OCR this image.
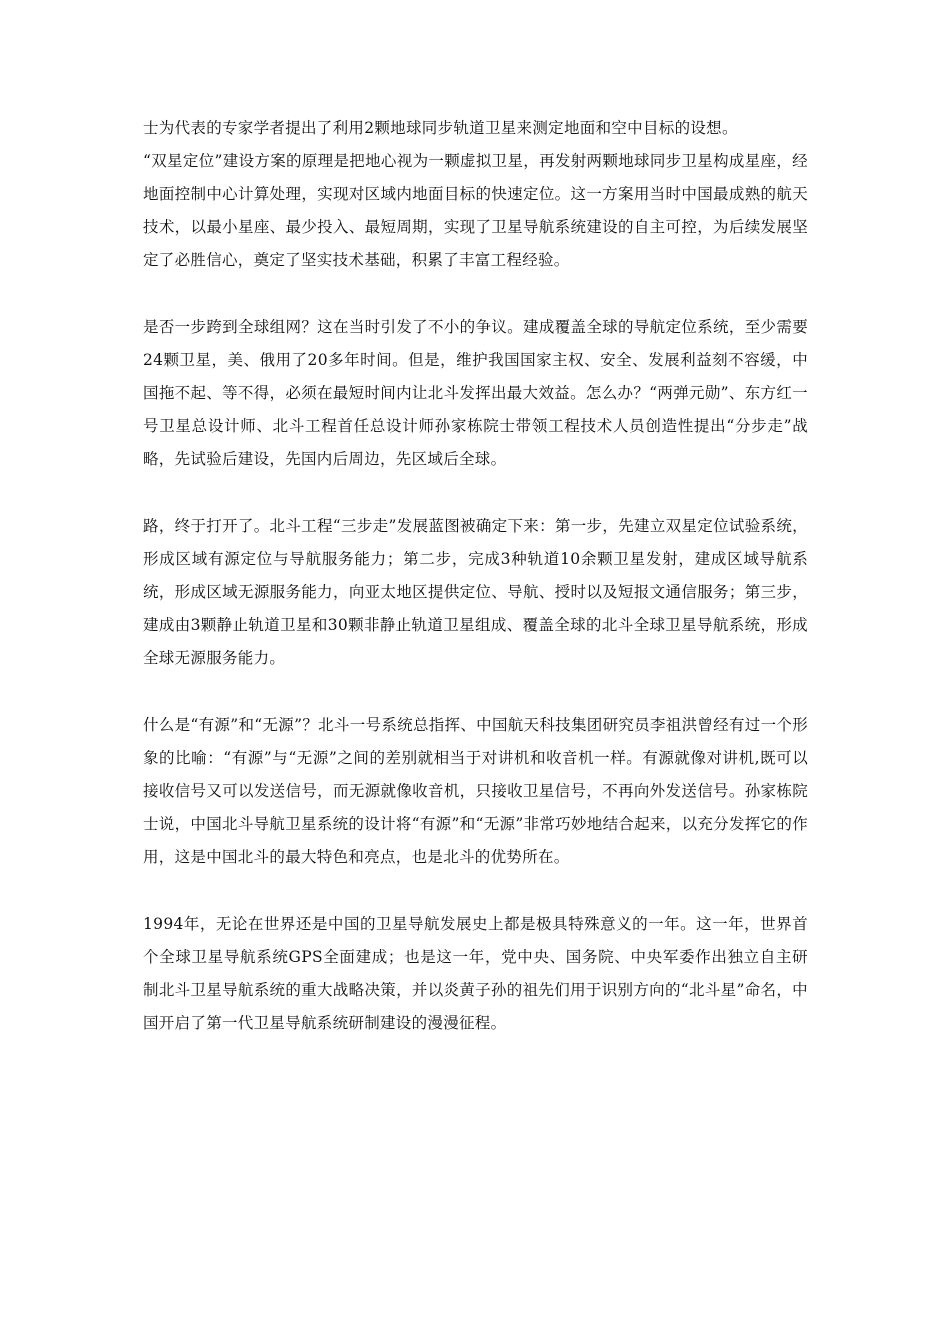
士为代表的专家学者提出了利用2颗地球同步轨道卫星来测定地面和空中目标的设想。

“双星定位”建设方案的原理是把地心视为一颗虚拟卫星，再发射两颗地球同步卫星构成星座，经地面控制中心计算处理，实现对区域内地面目标的快速定位。这一方案用当时中国最成熟的航天技术，以最小星座、最少投入、最短周期，实现了卫星导航系统建设的自主可控，为后续发展坚定了必胜信心，奠定了坚实技术基础，积累了丰富工程经验。

是否一步跨到全球组网？这在当时引发了不小的争议。建成覆盖全球的导航定位系统，至少需要24颗卫星，美、俄用了20多年时间。但是，维护我国国家主权、安全、发展利益刻不容缓，中国拖不起、等不得，必须在最短时间内让北斗发挥出最大效益。怎么办？“两弹元勋”、东方红一号卫星总设计师、北斗工程首任总设计师孙家栋院士带领工程技术人员创造性提出“分步走”战略，先试验后建设，先国内后周边，先区域后全球。

路，终于打开了。北斗工程“三步走”发展蓝图被确定下来：第一步，先建立双星定位试验系统，形成区域有源定位与导航服务能力；第二步，完成3种轨道10余颗卫星发射，建成区域导航系统，形成区域无源服务能力，向亚太地区提供定位、导航、授时以及短报文通信服务；第三步，建成由3颗静止轨道卫星和30颗非静止轨道卫星组成、覆盖全球的北斗全球卫星导航系统，形成全球无源服务能力。

什么是“有源”和“无源”？北斗一号系统总指挥、中国航天科技集团研究员李祖洪曾经有过一个形象的比喻：“有源”与“无源”之间的差别就相当于对讲机和收音机一样。有源就像对讲机,既可以接收信号又可以发送信号，而无源就像收音机，只接收卫星信号，不再向外发送信号。孙家栋院士说，中国北斗导航卫星系统的设计将“有源”和“无源”非常巧妙地结合起来，以充分发挥它的作用，这是中国北斗的最大特色和亮点，也是北斗的优势所在。

1994年，无论在世界还是中国的卫星导航发展史上都是极具特殊意义的一年。这一年，世界首个全球卫星导航系统GPS全面建成；也是这一年，党中央、国务院、中央军委作出独立自主研制北斗卫星导航系统的重大战略决策，并以炎黄子孙的祖先们用于识别方向的“北斗星”命名，中国开启了第一代卫星导航系统研制建设的漫漫征程。
